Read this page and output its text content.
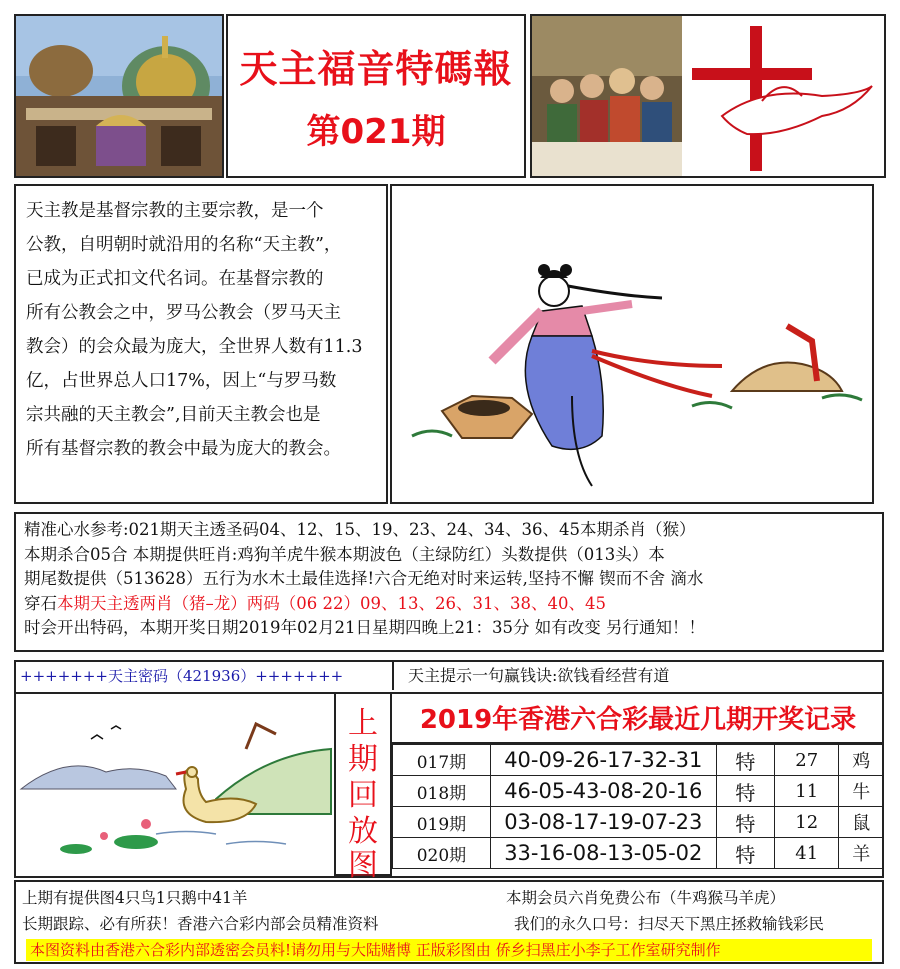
天主福音特碼報
第021期
天主教是基督宗教的主要宗教，是一个
公教，自明朝时就沿用的名称“天主教”，
已成为正式扣文代名词。在基督宗教的
所有公教会之中，罗马公教会（罗马天主
教会）的会众最为庞大，全世界人数有11.3
亿，占世界总人口17%，因上“与罗马数
宗共融的天主教会”,目前天主教会也是
所有基督宗教的教会中最为庞大的教会。
精准心水参考:021期天主透圣码04、12、15、19、23、24、34、36、45本期杀肖（猴）
本期杀合05合 本期提供旺肖:鸡狗羊虎牛猴本期波色（主绿防红）头数提供（013头）本
期尾数提供（513628）五行为水木土最佳选择!六合无绝对时来运转,坚持不懈 锲而不舍 滴水
穿石本期天主透两肖（猪–龙）两码（06 22）09、13、26、31、38、40、45
时会开出特码，本期开奖日期2019年02月21日星期四晚上21：35分 如有改变 另行通知！！
+++++++天主密码（421936）+++++++	天主提示一句赢钱诀:欲钱看经营有道
上
期
回
放
图
2019年香港六合彩最近几期开奖记录
017期	40-09-26-17-32-31	特	27	鸡
018期	46-05-43-08-20-16	特	11	牛
019期	03-08-17-19-07-23	特	12	鼠
020期	33-16-08-13-05-02	特	41	羊
上期有提供图4只鸟1只鹅中41羊	本期会员六肖免费公布（牛鸡猴马羊虎）
长期跟踪、必有所获！香港六合彩内部会员精准资料	我们的永久口号：扫尽天下黑庄拯救输钱彩民
本图资料由香港六合彩内部透密会员料!请勿用与大陆赌博 正版彩图由 侨乡扫黑庄小李子工作室研究制作
